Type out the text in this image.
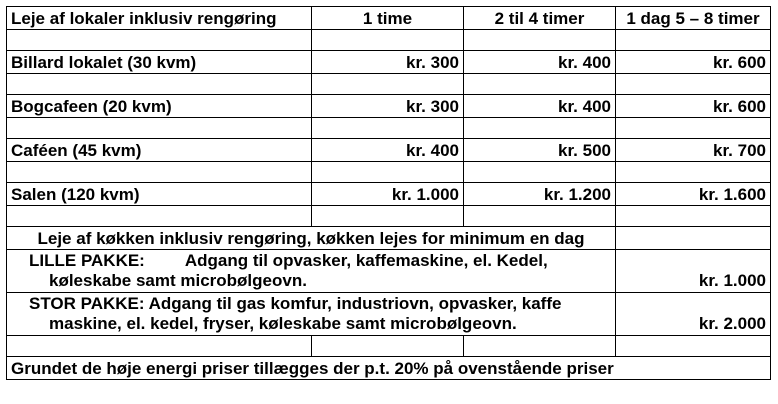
Leje af lokaler inklusiv rengøring	1 time	2 til 4 timer	1 dag 5 – 8 timer

Billard lokalet (30 kvm)	kr. 300	kr. 400	kr. 600

Bogcafeen (20 kvm)	kr. 300	kr. 400	kr. 600

Caféen (45 kvm)	kr. 400	kr. 500	kr. 700

Salen (120 kvm)	kr. 1.000	kr. 1.200	kr. 1.600

Leje af køkken inklusiv rengøring, køkken lejes for minimum en dag			

LILLE PAKKE: Adgang til opvasker, kaffemaskine, el. Kedel,
køleskabe samt microbølgeovn.			kr. 1.000

STOR PAKKE: Adgang til gas komfur, industriovn, opvasker, kaffe
maskine, el. kedel, fryser, køleskabe samt microbølgeovn.			kr. 2.000

Grundet de høje energi priser tillægges der p.t. 20% på ovenstående priser			
